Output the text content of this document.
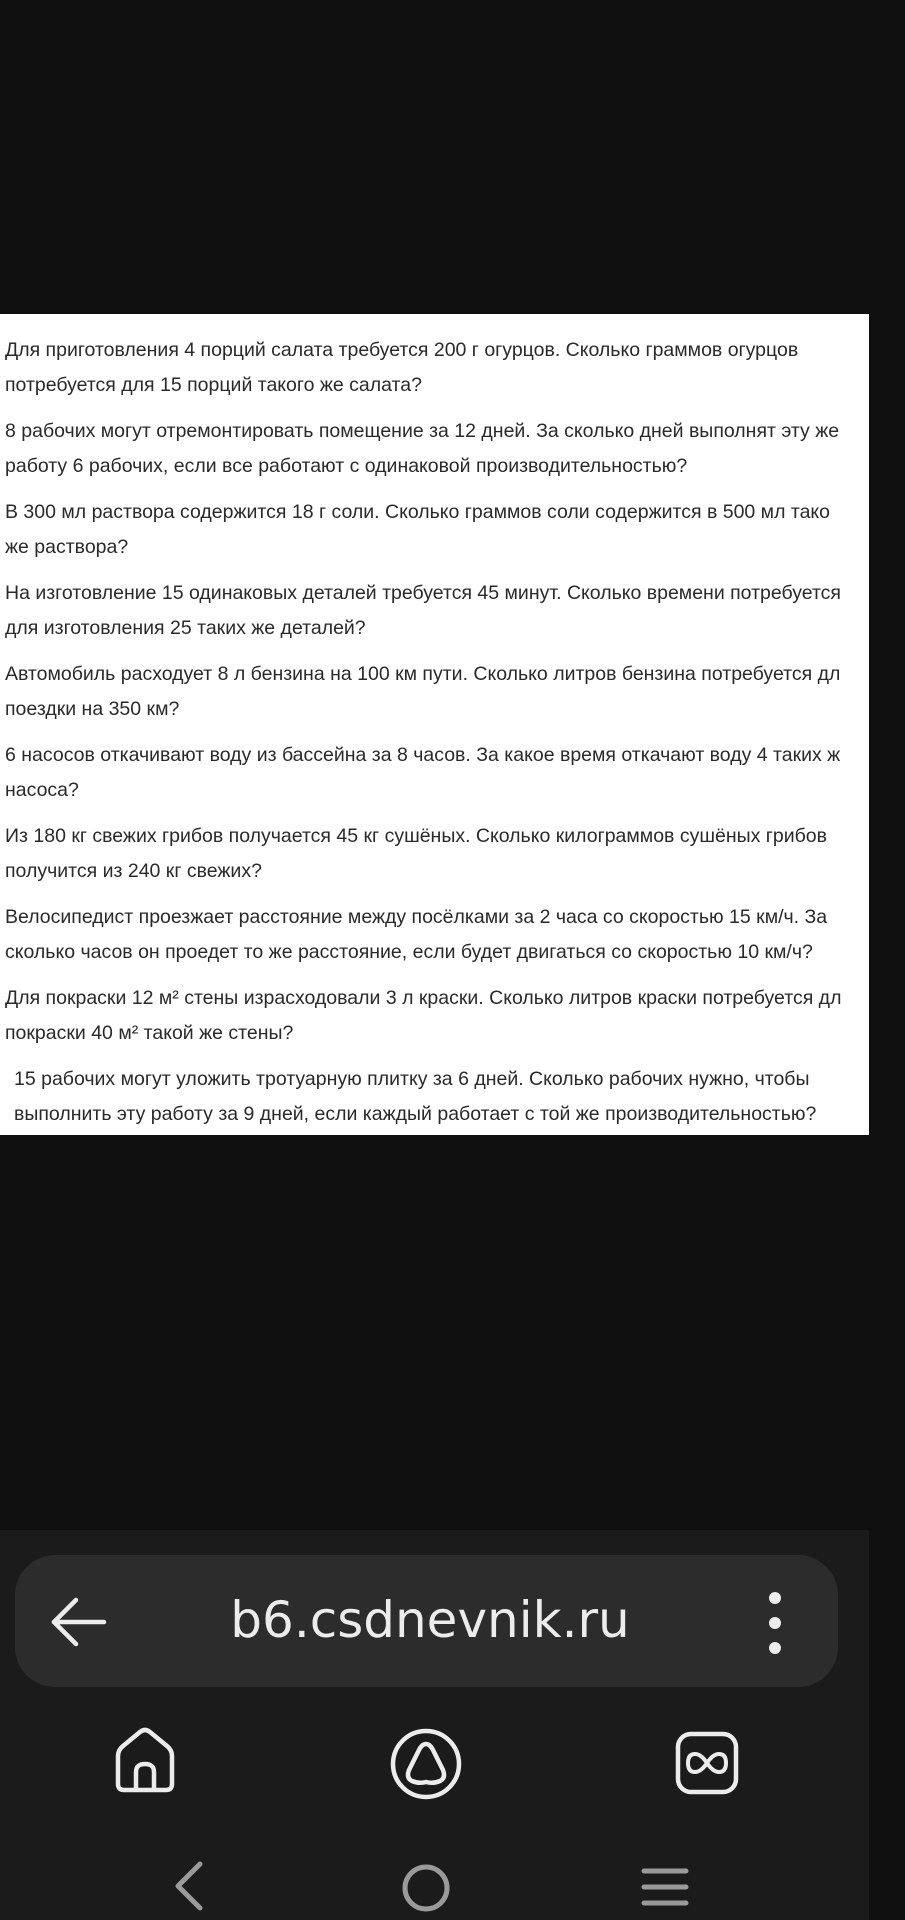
Для приготовления 4 порций салата требуется 200 г огурцов. Сколько граммов огурцов
потребуется для 15 порций такого же салата?
8 рабочих могут отремонтировать помещение за 12 дней. За сколько дней выполнят эту же
работу 6 рабочих, если все работают с одинаковой производительностью?
В 300 мл раствора содержится 18 г соли. Сколько граммов соли содержится в 500 мл тако
же раствора?
На изготовление 15 одинаковых деталей требуется 45 минут. Сколько времени потребуется
для изготовления 25 таких же деталей?
Автомобиль расходует 8 л бензина на 100 км пути. Сколько литров бензина потребуется дл
поездки на 350 км?
6 насосов откачивают воду из бассейна за 8 часов. За какое время откачают воду 4 таких ж
насоса?
Из 180 кг свежих грибов получается 45 кг сушёных. Сколько килограммов сушёных грибов
получится из 240 кг свежих?
Велосипедист проезжает расстояние между посёлками за 2 часа со скоростью 15 км/ч. За
сколько часов он проедет то же расстояние, если будет двигаться со скоростью 10 км/ч?
Для покраски 12 м² стены израсходовали 3 л краски. Сколько литров краски потребуется дл
покраски 40 м² такой же стены?
15 рабочих могут уложить тротуарную плитку за 6 дней. Сколько рабочих нужно, чтобы
выполнить эту работу за 9 дней, если каждый работает с той же производительностью?
b6.csdnevnik.ru
